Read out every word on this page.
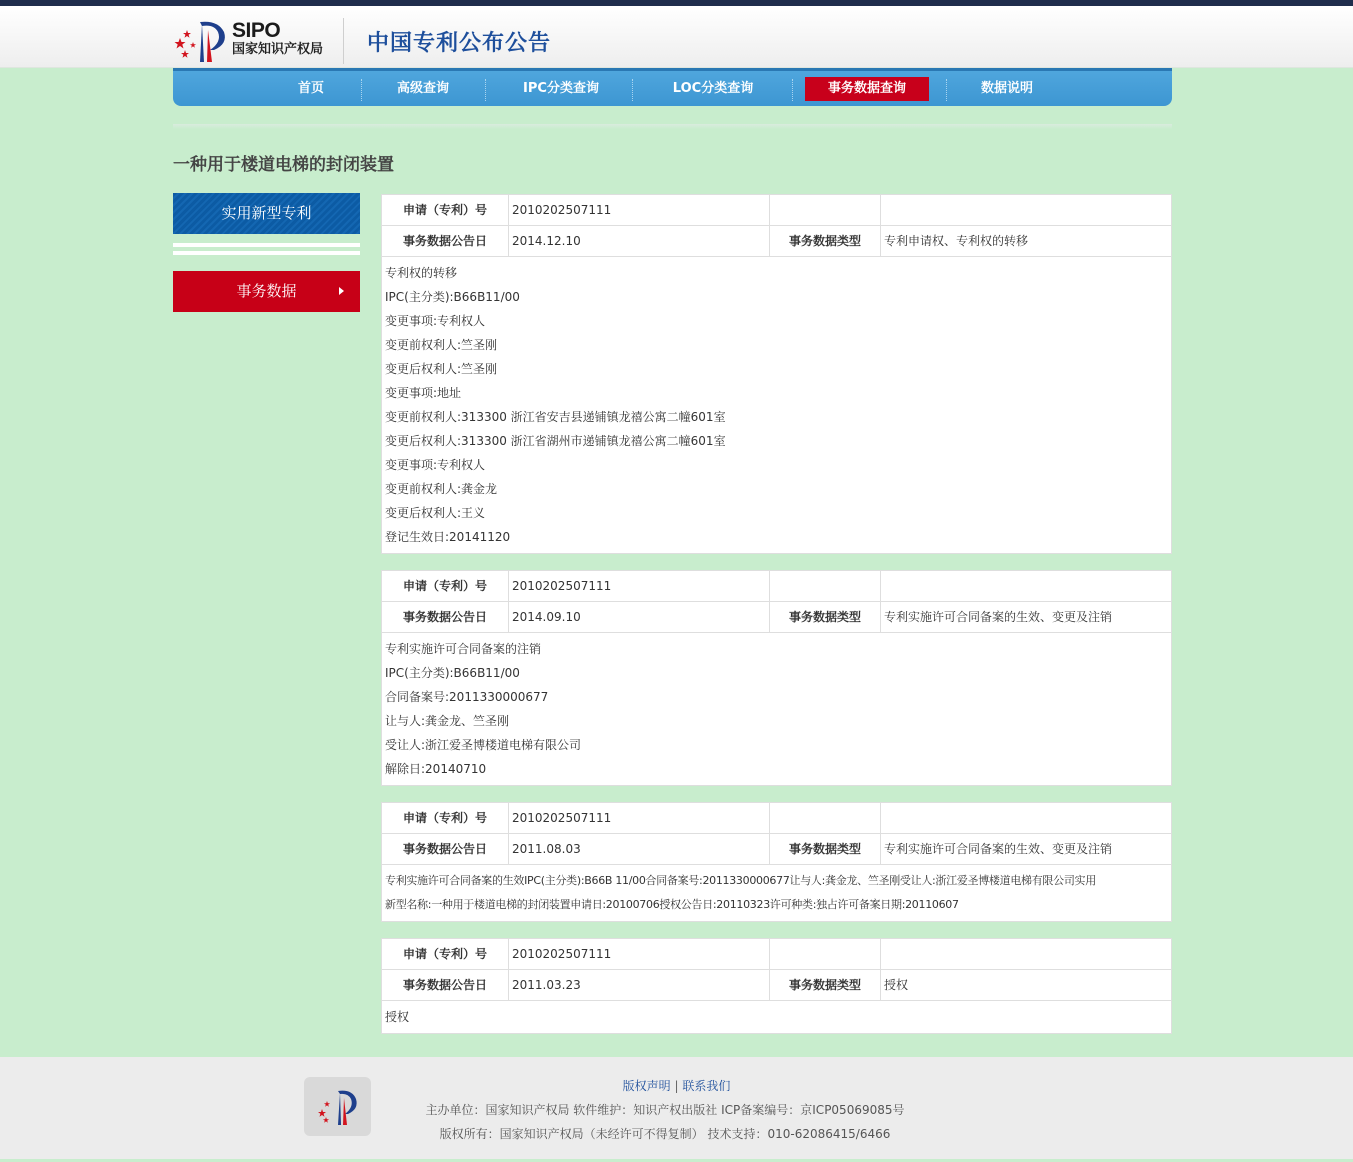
SIPO
国家知识产权局 中国专利公布公告
首页	高级查询	IPC分类查询	LOC分类查询	事务数据查询	数据说明
一种用于楼道电梯的封闭装置
实用新型专利
事务数据
申请（专利）号	2010202507111
事务数据公告日	2014.12.10	事务数据类型	专利申请权、专利权的转移
专利权的转移
IPC(主分类):B66B11/00
变更事项:专利权人
变更前权利人:竺圣刚
变更后权利人:竺圣刚
变更事项:地址
变更前权利人:313300 浙江省安吉县递铺镇龙禧公寓二幢601室
变更后权利人:313300 浙江省湖州市递铺镇龙禧公寓二幢601室
变更事项:专利权人
变更前权利人:龚金龙
变更后权利人:王义
登记生效日:20141120
申请（专利）号	2010202507111
事务数据公告日	2014.09.10	事务数据类型	专利实施许可合同备案的生效、变更及注销
专利实施许可合同备案的注销
IPC(主分类):B66B11/00
合同备案号:2011330000677
让与人:龚金龙、竺圣刚
受让人:浙江爱圣博楼道电梯有限公司
解除日:20140710
申请（专利）号	2010202507111
事务数据公告日	2011.08.03	事务数据类型	专利实施许可合同备案的生效、变更及注销
专利实施许可合同备案的生效IPC(主分类):B66B 11/00合同备案号:2011330000677让与人:龚金龙、竺圣刚受让人:浙江爱圣博楼道电梯有限公司实用
新型名称:一种用于楼道电梯的封闭装置申请日:20100706授权公告日:20110323许可种类:独占许可备案日期:20110607
申请（专利）号	2010202507111
事务数据公告日	2011.03.23	事务数据类型	授权
授权
版权声明 | 联系我们
主办单位：国家知识产权局 软件维护：知识产权出版社 ICP备案编号：京ICP05069085号
版权所有：国家知识产权局（未经许可不得复制） 技术支持：010-62086415/6466
